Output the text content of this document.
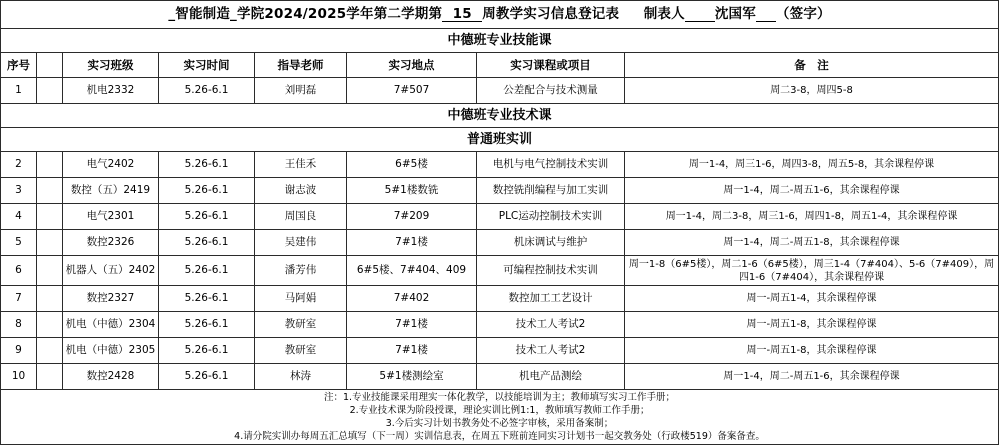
_智能制造_学院2024/2025学年第二学期第 15 周教学实习信息登记表 制表人 沈国军 （签字）							
中德班专业技能课							
序号		实习班级	实习时间	指导老师	实习地点	实习课程或项目	备　注
1		机电2332	5.26-6.1	刘明磊	7#507	公差配合与技术测量	周二3-8，周四5-8
中德班专业技术课							
普通班实训							
2		电气2402	5.26-6.1	王佳禾	6#5楼	电机与电气控制技术实训	周一1-4，周三1-6，周四3-8，周五5-8，其余课程停课
3		数控（五）2419	5.26-6.1	谢志波	5#1楼数铣	数控铣削编程与加工实训	周一1-4，周二-周五1-6，其余课程停课
4		电气2301	5.26-6.1	周国良	7#209	PLC运动控制技术实训	周一1-4，周二3-8，周三1-6，周四1-8，周五1-4，其余课程停课
5		数控2326	5.26-6.1	吴建伟	7#1楼	机床调试与维护	周一1-4，周二-周五1-8，其余课程停课
6		机器人（五）2402	5.26-6.1	潘芳伟	6#5楼、7#404、409	可编程控制技术实训	周一1-8（6#5楼），周二1-6（6#5楼），周三1-4（7#404）、5-6（7#409），周四1-6（7#404），其余课程停课
7		数控2327	5.26-6.1	马阿娟	7#402	数控加工工艺设计	周一-周五1-4，其余课程停课
8		机电（中德）2304	5.26-6.1	教研室	7#1楼	技术工人考试2	周一-周五1-8，其余课程停课
9		机电（中德）2305	5.26-6.1	教研室	7#1楼	技术工人考试2	周一-周五1-8，其余课程停课
10		数控2428	5.26-6.1	林涛	5#1楼测绘室	机电产品测绘	周一1-4，周二-周五1-6，其余课程停课

注：1.专业技能课采用理实一体化教学，以技能培训为主；教师填写实习工作手册；
2.专业技术课为阶段授课，理论实训比例1:1，教师填写教师工作手册；
3.今后实习计划书教务处不必签字审核，采用备案制；
4.请分院实训办每周五汇总填写（下一周）实训信息表，在周五下班前连同实习计划书一起交教务处（行政楼519）备案备查。							
